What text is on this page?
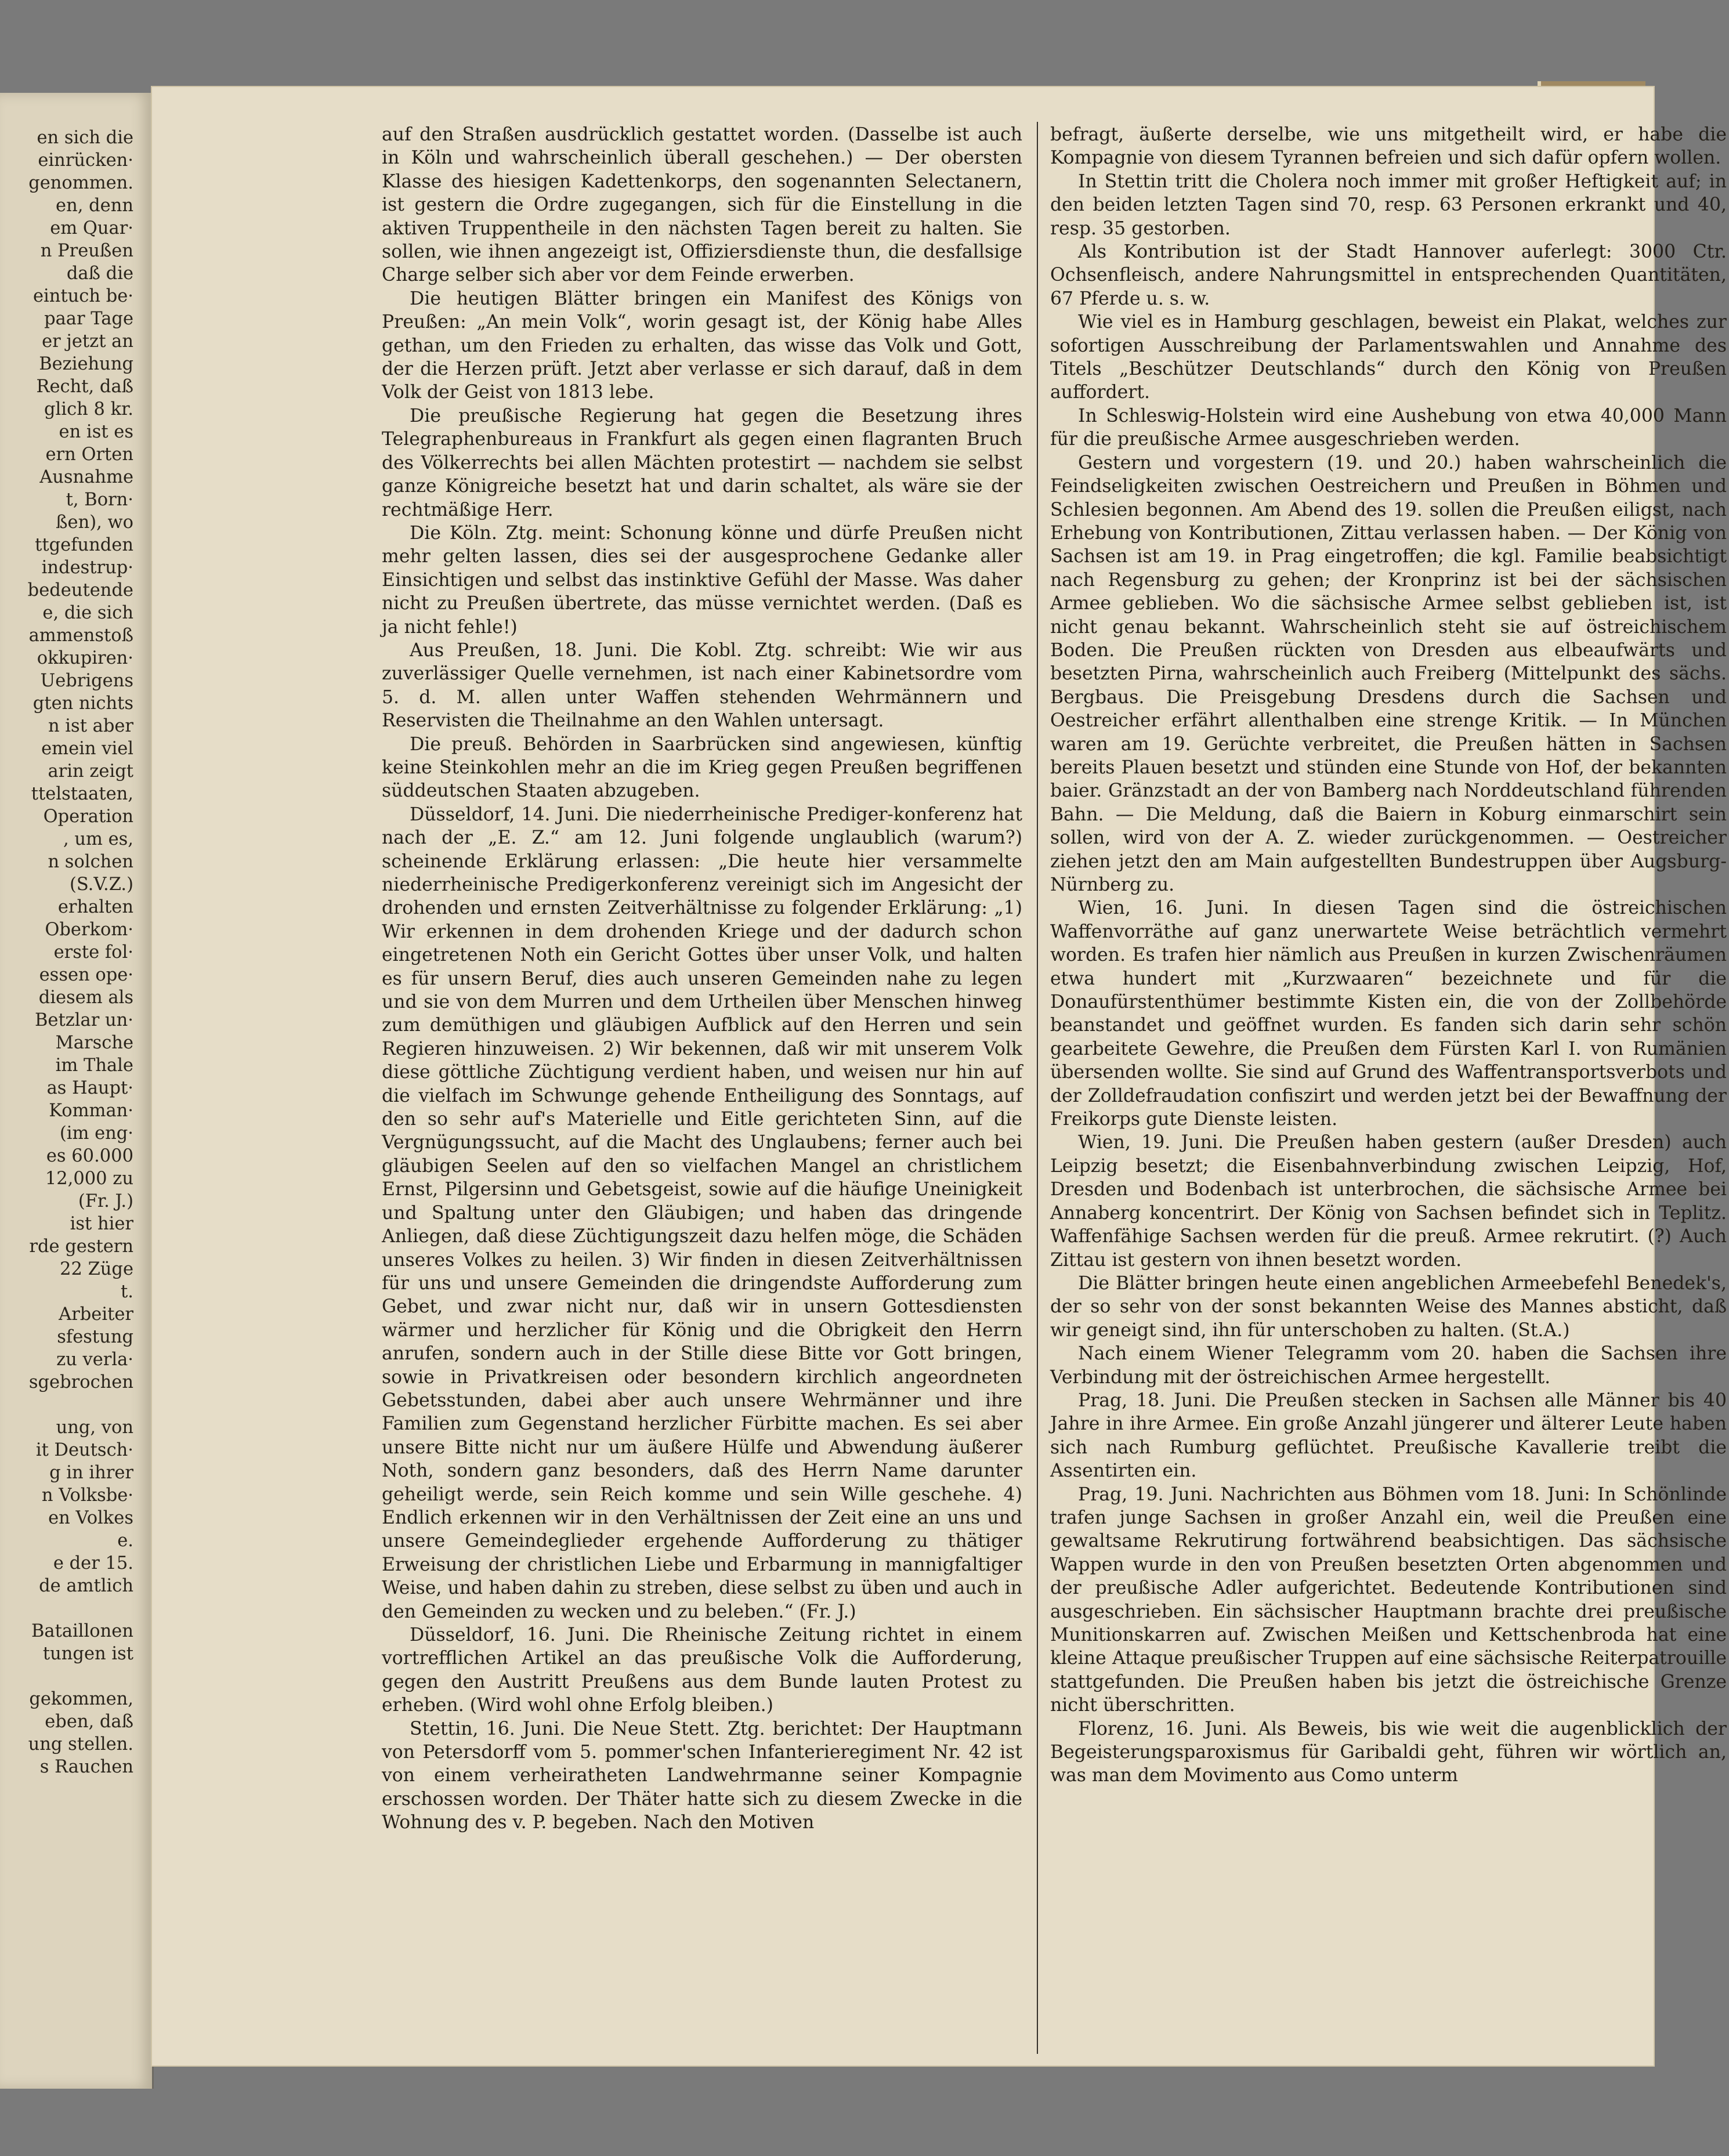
en sich die
einrücken·
genommen.
en, denn
em Quar·
n Preußen
daß die
eintuch be·
paar Tage
er jetzt an
Beziehung
Recht, daß
glich 8 kr.
en ist es
ern Orten
Ausnahme
t, Born·
ßen), wo
ttgefunden
indestrup·
bedeutende
e, die sich
ammenstoß
okkupiren·
Uebrigens
gten nichts
n ist aber
emein viel
arin zeigt
ttelstaaten,
Operation
, um es,
n solchen
(S.V.Z.)
erhalten
Oberkom·
erste fol·
essen ope·
diesem als
Betzlar un·
Marsche
im Thale
as Haupt·
Komman·
(im eng·
es 60.000
12,000 zu
(Fr. J.)
ist hier
rde gestern
22 Züge
t.
Arbeiter
sfestung
zu verla·
sgebrochen

ung, von
it Deutsch·
g in ihrer
n Volksbe·
en Volkes
e.
e der 15.
de amtlich

Bataillonen
tungen ist

gekommen,
eben, daß
ung stellen.
s Rauchen

auf den Straßen ausdrücklich gestattet worden. (Dasselbe ist auch in Köln und wahrscheinlich überall geschehen.) — Der obersten Klasse des hiesigen Kadettenkorps, den sogenannten Selectanern, ist gestern die Ordre zugegangen, sich für die Einstellung in die aktiven Truppentheile in den nächsten Tagen bereit zu halten. Sie sollen, wie ihnen angezeigt ist, Offiziersdienste thun, die desfallsige Charge selber sich aber vor dem Feinde erwerben.

Die heutigen Blätter bringen ein Manifest des Königs von Preußen: „An mein Volk“, worin gesagt ist, der König habe Alles gethan, um den Frieden zu erhalten, das wisse das Volk und Gott, der die Herzen prüft. Jetzt aber verlasse er sich darauf, daß in dem Volk der Geist von 1813 lebe.

Die preußische Regierung hat gegen die Besetzung ihres Telegraphenbureaus in Frankfurt als gegen einen flagranten Bruch des Völkerrechts bei allen Mächten protestirt — nachdem sie selbst ganze Königreiche besetzt hat und darin schaltet, als wäre sie der rechtmäßige Herr.

Die Köln. Ztg. meint: Schonung könne und dürfe Preußen nicht mehr gelten lassen, dies sei der ausgesprochene Gedanke aller Einsichtigen und selbst das instinktive Gefühl der Masse. Was daher nicht zu Preußen übertrete, das müsse vernichtet werden. (Daß es ja nicht fehle!)

Aus Preußen, 18. Juni. Die Kobl. Ztg. schreibt: Wie wir aus zuverlässiger Quelle vernehmen, ist nach einer Kabinetsordre vom 5. d. M. allen unter Waffen stehenden Wehrmännern und Reservisten die Theilnahme an den Wahlen untersagt.

Die preuß. Behörden in Saarbrücken sind angewiesen, künftig keine Steinkohlen mehr an die im Krieg gegen Preußen begriffenen süddeutschen Staaten abzugeben.

Düsseldorf, 14. Juni. Die niederrheinische Prediger-konferenz hat nach der „E. Z.“ am 12. Juni folgende unglaublich (warum?) scheinende Erklärung erlassen: „Die heute hier versammelte niederrheinische Predigerkonferenz vereinigt sich im Angesicht der drohenden und ernsten Zeitverhältnisse zu folgender Erklärung: „1) Wir erkennen in dem drohenden Kriege und der dadurch schon eingetretenen Noth ein Gericht Gottes über unser Volk, und halten es für unsern Beruf, dies auch unseren Gemeinden nahe zu legen und sie von dem Murren und dem Urtheilen über Menschen hinweg zum demüthigen und gläubigen Aufblick auf den Herren und sein Regieren hinzuweisen. 2) Wir bekennen, daß wir mit unserem Volk diese göttliche Züchtigung verdient haben, und weisen nur hin auf die vielfach im Schwunge gehende Entheiligung des Sonntags, auf den so sehr auf's Materielle und Eitle gerichteten Sinn, auf die Vergnügungssucht, auf die Macht des Unglaubens; ferner auch bei gläubigen Seelen auf den so vielfachen Mangel an christlichem Ernst, Pilgersinn und Gebetsgeist, sowie auf die häufige Uneinigkeit und Spaltung unter den Gläubigen; und haben das dringende Anliegen, daß diese Züchtigungszeit dazu helfen möge, die Schäden unseres Volkes zu heilen. 3) Wir finden in diesen Zeitverhältnissen für uns und unsere Gemeinden die dringendste Aufforderung zum Gebet, und zwar nicht nur, daß wir in unsern Gottesdiensten wärmer und herzlicher für König und die Obrigkeit den Herrn anrufen, sondern auch in der Stille diese Bitte vor Gott bringen, sowie in Privatkreisen oder besondern kirchlich angeordneten Gebetsstunden, dabei aber auch unsere Wehrmänner und ihre Familien zum Gegenstand herzlicher Fürbitte machen. Es sei aber unsere Bitte nicht nur um äußere Hülfe und Abwendung äußerer Noth, sondern ganz besonders, daß des Herrn Name darunter geheiligt werde, sein Reich komme und sein Wille geschehe. 4) Endlich erkennen wir in den Verhältnissen der Zeit eine an uns und unsere Gemeindeglieder ergehende Aufforderung zu thätiger Erweisung der christlichen Liebe und Erbarmung in mannigfaltiger Weise, und haben dahin zu streben, diese selbst zu üben und auch in den Gemeinden zu wecken und zu beleben.“ (Fr. J.)

Düsseldorf, 16. Juni. Die Rheinische Zeitung richtet in einem vortrefflichen Artikel an das preußische Volk die Aufforderung, gegen den Austritt Preußens aus dem Bunde lauten Protest zu erheben. (Wird wohl ohne Erfolg bleiben.)

Stettin, 16. Juni. Die Neue Stett. Ztg. berichtet: Der Hauptmann von Petersdorff vom 5. pommer'schen Infanterieregiment Nr. 42 ist von einem verheiratheten Landwehrmanne seiner Kompagnie erschossen worden. Der Thäter hatte sich zu diesem Zwecke in die Wohnung des v. P. begeben. Nach den Motiven

befragt, äußerte derselbe, wie uns mitgetheilt wird, er habe die Kompagnie von diesem Tyrannen befreien und sich dafür opfern wollen.

In Stettin tritt die Cholera noch immer mit großer Heftigkeit auf; in den beiden letzten Tagen sind 70, resp. 63 Personen erkrankt und 40, resp. 35 gestorben.

Als Kontribution ist der Stadt Hannover auferlegt: 3000 Ctr. Ochsenfleisch, andere Nahrungsmittel in entsprechenden Quantitäten, 67 Pferde u. s. w.

Wie viel es in Hamburg geschlagen, beweist ein Plakat, welches zur sofortigen Ausschreibung der Parlamentswahlen und Annahme des Titels „Beschützer Deutschlands“ durch den König von Preußen auffordert.

In Schleswig-Holstein wird eine Aushebung von etwa 40,000 Mann für die preußische Armee ausgeschrieben werden.

Gestern und vorgestern (19. und 20.) haben wahrscheinlich die Feindseligkeiten zwischen Oestreichern und Preußen in Böhmen und Schlesien begonnen. Am Abend des 19. sollen die Preußen eiligst, nach Erhebung von Kontributionen, Zittau verlassen haben. — Der König von Sachsen ist am 19. in Prag eingetroffen; die kgl. Familie beabsichtigt nach Regensburg zu gehen; der Kronprinz ist bei der sächsischen Armee geblieben. Wo die sächsische Armee selbst geblieben ist, ist nicht genau bekannt. Wahrscheinlich steht sie auf östreichischem Boden. Die Preußen rückten von Dresden aus elbeaufwärts und besetzten Pirna, wahrscheinlich auch Freiberg (Mittelpunkt des sächs. Bergbaus. Die Preisgebung Dresdens durch die Sachsen und Oestreicher erfährt allenthalben eine strenge Kritik. — In München waren am 19. Gerüchte verbreitet, die Preußen hätten in Sachsen bereits Plauen besetzt und stünden eine Stunde von Hof, der bekannten baier. Gränzstadt an der von Bamberg nach Norddeutschland führenden Bahn. — Die Meldung, daß die Baiern in Koburg einmarschirt sein sollen, wird von der A. Z. wieder zurückgenommen. — Oestreicher ziehen jetzt den am Main aufgestellten Bundestruppen über Augsburg-Nürnberg zu.

Wien, 16. Juni. In diesen Tagen sind die östreichischen Waffenvorräthe auf ganz unerwartete Weise beträchtlich vermehrt worden. Es trafen hier nämlich aus Preußen in kurzen Zwischenräumen etwa hundert mit „Kurzwaaren“ bezeichnete und für die Donaufürstenthümer bestimmte Kisten ein, die von der Zollbehörde beanstandet und geöffnet wurden. Es fanden sich darin sehr schön gearbeitete Gewehre, die Preußen dem Fürsten Karl I. von Rumänien übersenden wollte. Sie sind auf Grund des Waffentransportsverbots und der Zolldefraudation confiszirt und werden jetzt bei der Bewaffnung der Freikorps gute Dienste leisten.

Wien, 19. Juni. Die Preußen haben gestern (außer Dresden) auch Leipzig besetzt; die Eisenbahnverbindung zwischen Leipzig, Hof, Dresden und Bodenbach ist unterbrochen, die sächsische Armee bei Annaberg koncentrirt. Der König von Sachsen befindet sich in Teplitz. Waffenfähige Sachsen werden für die preuß. Armee rekrutirt. (?) Auch Zittau ist gestern von ihnen besetzt worden.

Die Blätter bringen heute einen angeblichen Armeebefehl Benedek's, der so sehr von der sonst bekannten Weise des Mannes absticht, daß wir geneigt sind, ihn für unterschoben zu halten. (St.A.)

Nach einem Wiener Telegramm vom 20. haben die Sachsen ihre Verbindung mit der östreichischen Armee hergestellt.

Prag, 18. Juni. Die Preußen stecken in Sachsen alle Männer bis 40 Jahre in ihre Armee. Ein große Anzahl jüngerer und älterer Leute haben sich nach Rumburg geflüchtet. Preußische Kavallerie treibt die Assentirten ein.

Prag, 19. Juni. Nachrichten aus Böhmen vom 18. Juni: In Schönlinde trafen junge Sachsen in großer Anzahl ein, weil die Preußen eine gewaltsame Rekrutirung fortwährend beabsichtigen. Das sächsische Wappen wurde in den von Preußen besetzten Orten abgenommen und der preußische Adler aufgerichtet. Bedeutende Kontributionen sind ausgeschrieben. Ein sächsischer Hauptmann brachte drei preußische Munitionskarren auf. Zwischen Meißen und Kettschenbroda hat eine kleine Attaque preußischer Truppen auf eine sächsische Reiterpatrouille stattgefunden. Die Preußen haben bis jetzt die östreichische Grenze nicht überschritten.

Florenz, 16. Juni. Als Beweis, bis wie weit die augenblicklich der Begeisterungsparoxismus für Garibaldi geht, führen wir wörtlich an, was man dem Movimento aus Como unterm
